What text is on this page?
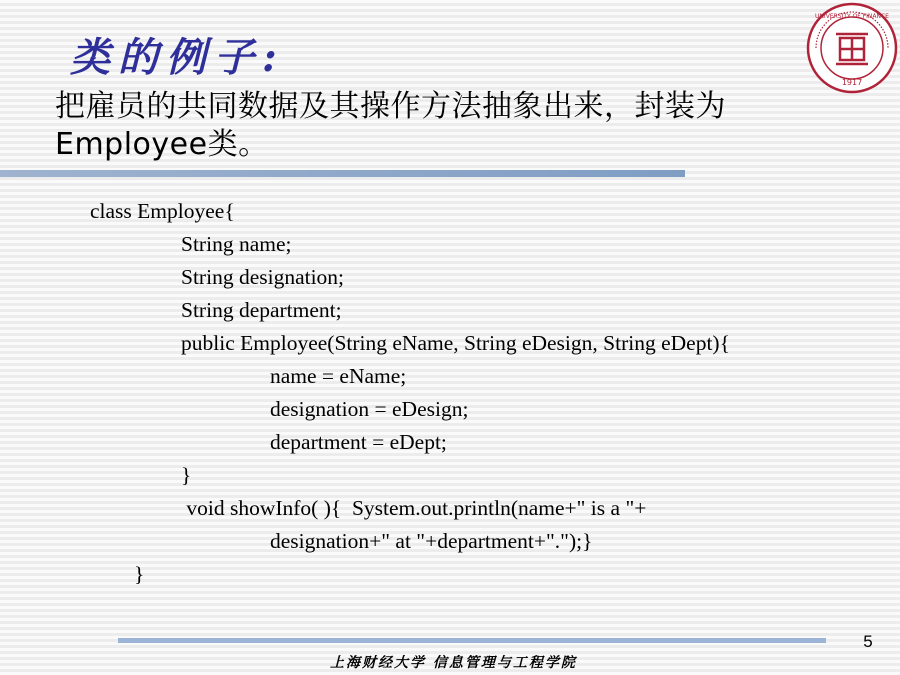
类的例子:
UNIVERSITY OF FINANCE
1917
把雇员的共同数据及其操作方法抽象出来，封装为Employee类。
class Employee{
String name;
String designation;
String department;
public Employee(String eName, String eDesign, String eDept){
name = eName;
designation = eDesign;
department = eDept;
}
void showInfo( ){  System.out.println(name+" is a "+
designation+" at "+department+".");}
}
5
上海财经大学 信息管理与工程学院
